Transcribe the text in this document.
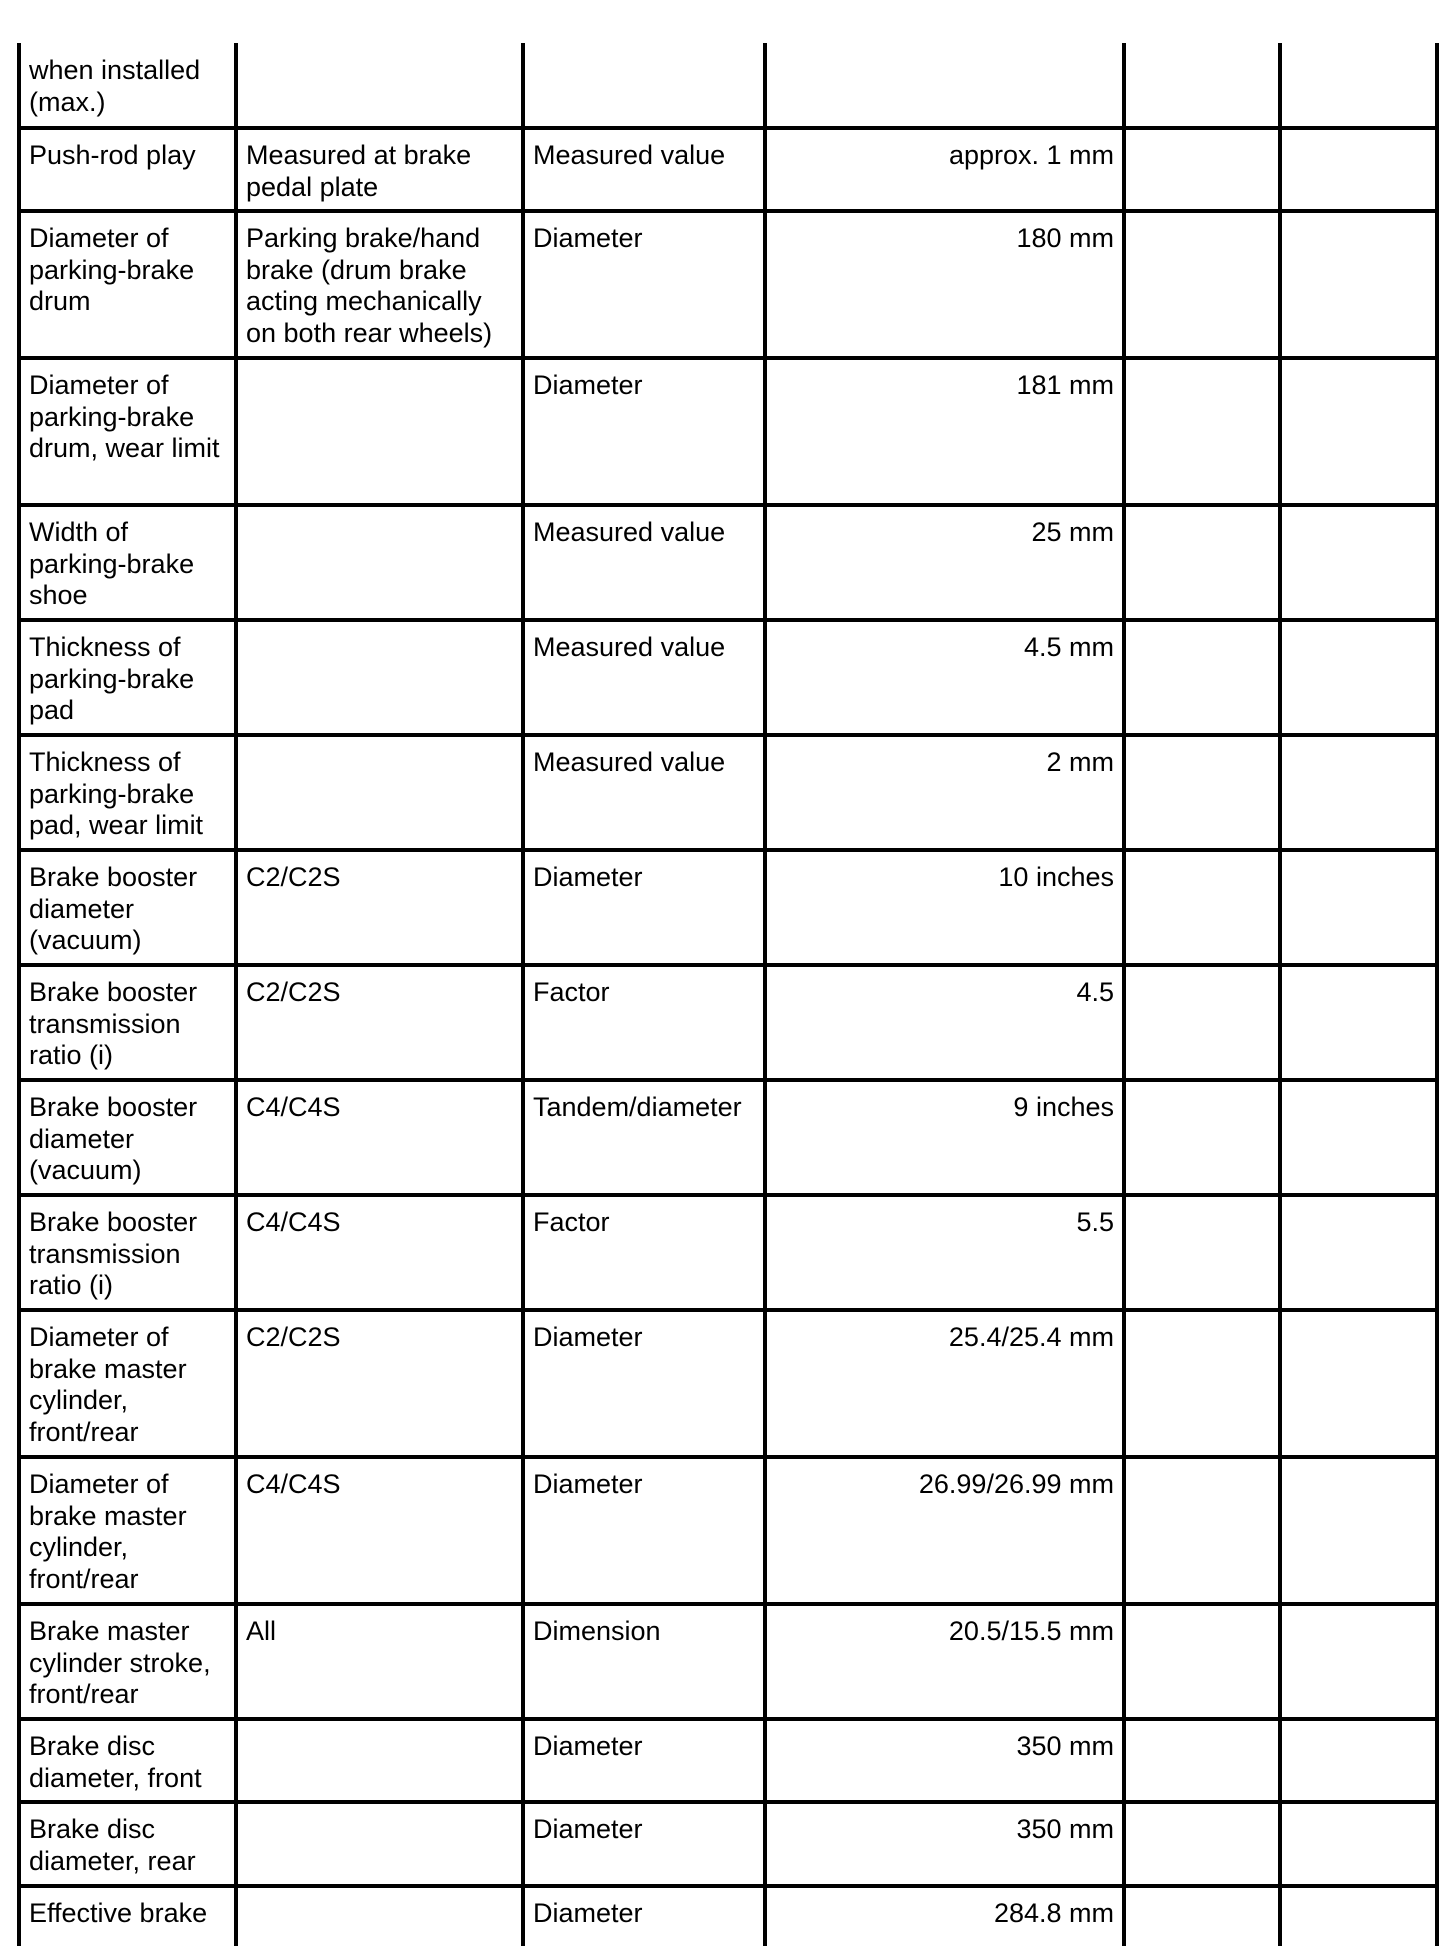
when installed (max.)					
Push-rod play	Measured at brake pedal plate	Measured value	approx. 1 mm		
Diameter of parking-brake drum	Parking brake/hand brake (drum brake acting mechanically on both rear wheels)	Diameter	180 mm		
Diameter of parking-brake drum, wear limit		Diameter	181 mm		
Width of parking-brake shoe		Measured value	25 mm		
Thickness of parking-brake pad		Measured value	4.5 mm		
Thickness of parking-brake pad, wear limit		Measured value	2 mm		
Brake booster diameter (vacuum)	C2/C2S	Diameter	10 inches		
Brake booster transmission ratio (i)	C2/C2S	Factor	4.5		
Brake booster diameter (vacuum)	C4/C4S	Tandem/diameter	9 inches		
Brake booster transmission ratio (i)	C4/C4S	Factor	5.5		
Diameter of brake master cylinder, front/rear	C2/C2S	Diameter	25.4/25.4 mm		
Diameter of brake master cylinder, front/rear	C4/C4S	Diameter	26.99/26.99 mm		
Brake master cylinder stroke, front/rear	All	Dimension	20.5/15.5 mm		
Brake disc diameter, front		Diameter	350 mm		
Brake disc diameter, rear		Diameter	350 mm		
Effective brake		Diameter	284.8 mm		
